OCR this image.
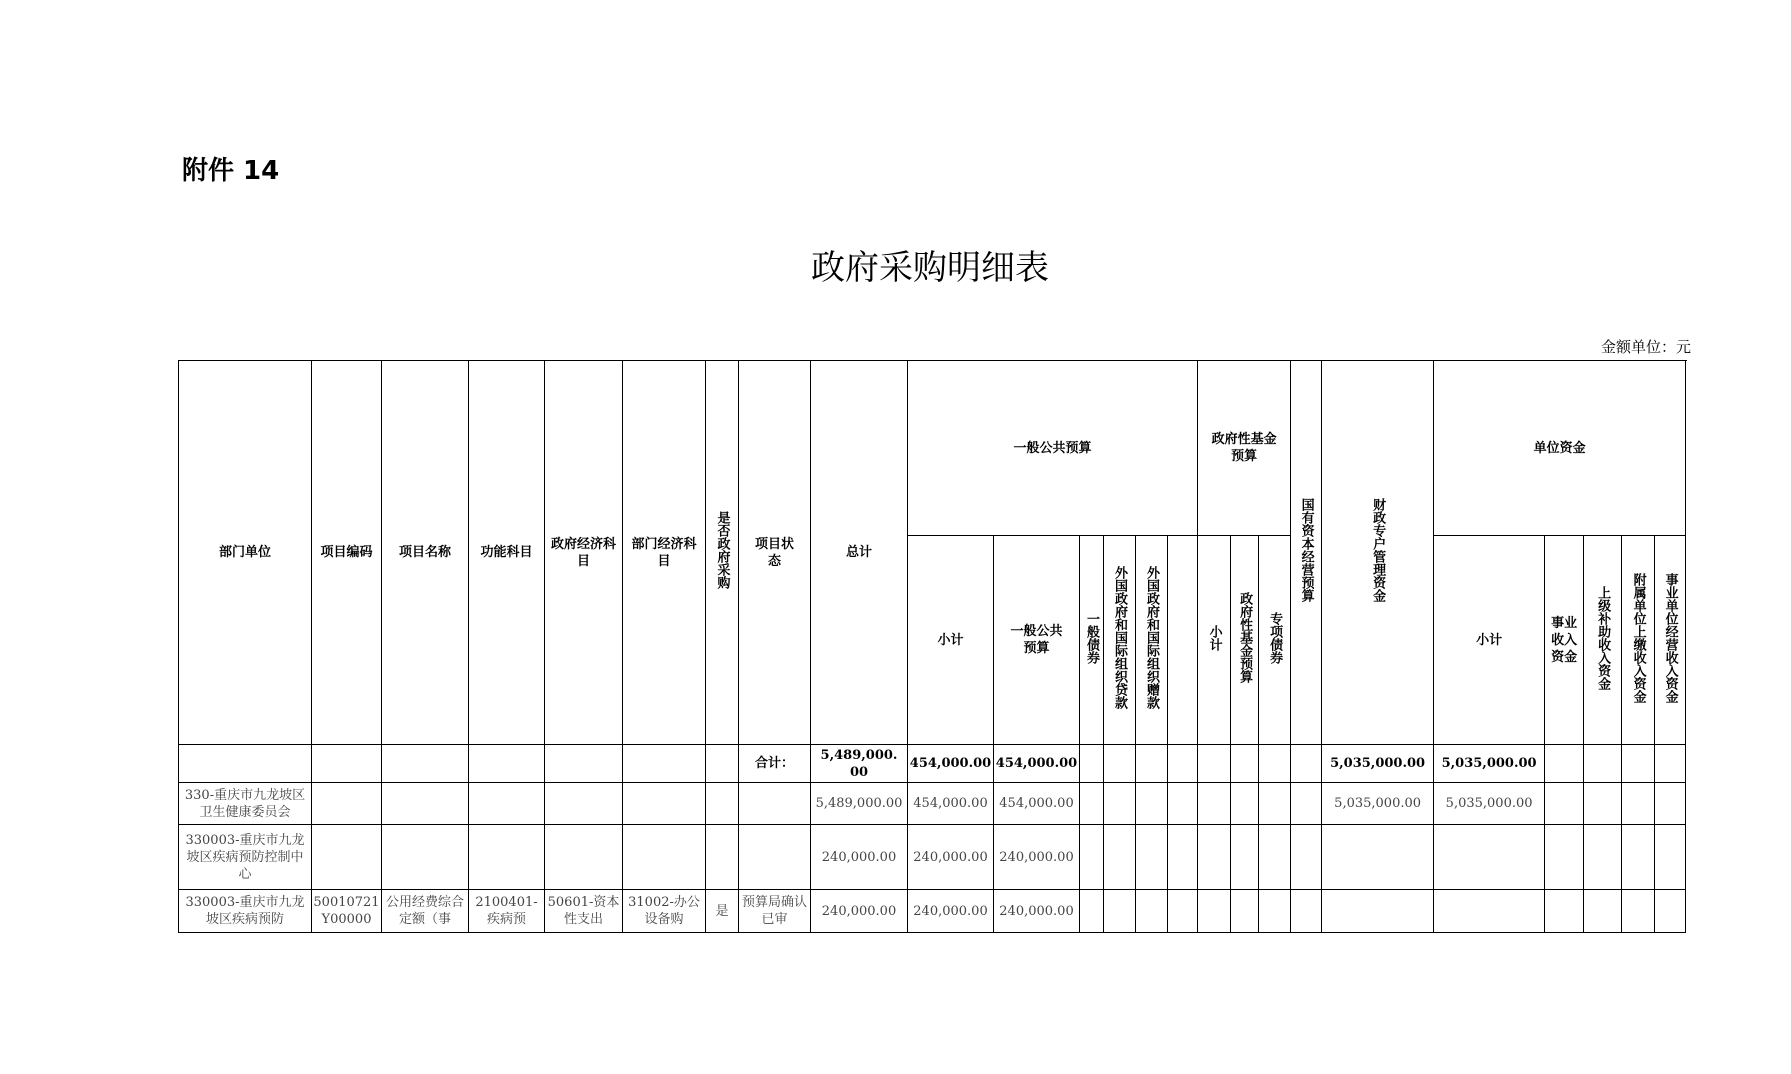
附件 14
政府采购明细表
金额单位：元
部门单位	项目编码	项目名称	功能科目	政府经济科目	部门经济科目	是否政府采购	项目状态	总计	一般公共预算						政府性基金预算			国有资本经营预算	财政专户管理资金	单位资金					
									小计	一般公共预算	一般债券	外国政府和国际组织贷款	外国政府和国际组织赠款		小计	政府性基金预算	专项债券			小计	事业收入资金	上级补助收入资金	附属单位上缴收入资金	事业单位经营收入资金	
							合计：	5,489,000.00	454,000.00	454,000.00									5,035,000.00	5,035,000.00					

330-重庆市九龙坡区卫生健康委员会								5,489,000.00	454,000.00	454,000.00									5,035,000.00	5,035,000.00					

330003-重庆市九龙坡区疾病预防控制中心								240,000.00	240,000.00	240,000.00															

330003-重庆市九龙坡区疾病预防	50010721Y00000	公用经费综合定额（事	2100401-疾病预	50601-资本性支出	31002-办公设备购	是	预算局确认已审	240,000.00	240,000.00	240,000.00															
